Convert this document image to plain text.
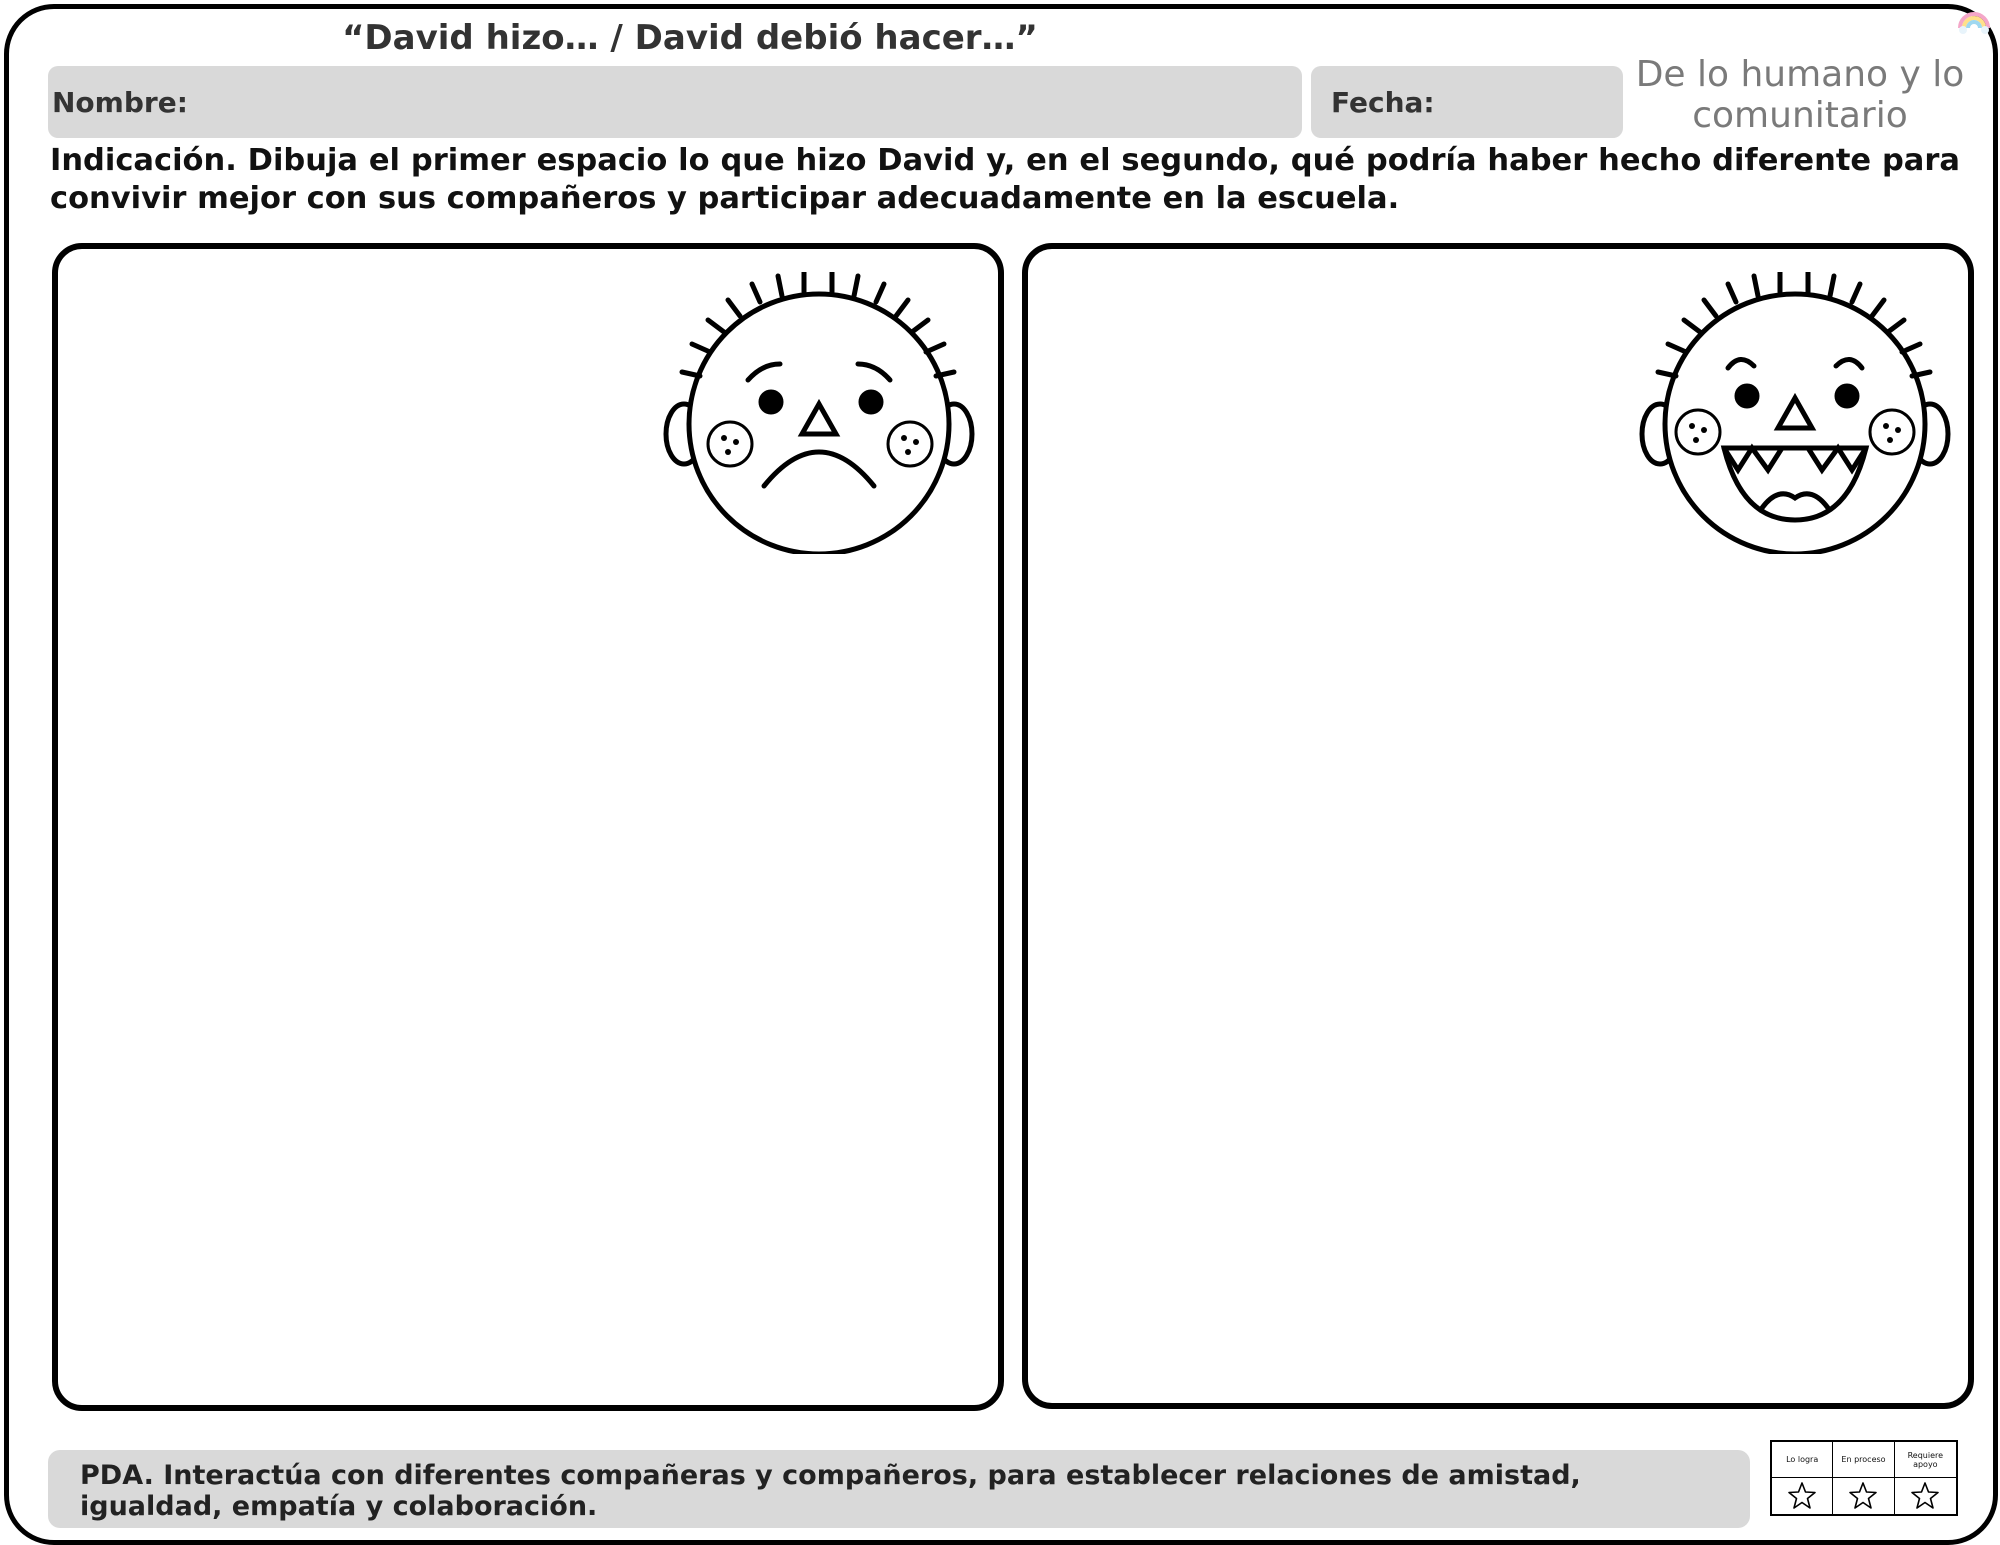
“David hizo… / David debió hacer…”
Nombre:	Fecha:
De lo humano y lo comunitario
Indicación. Dibuja el primer espacio lo que hizo David y, en el segundo, qué podría haber hecho diferente para convivir mejor con sus compañeros y participar adecuadamente en la escuela.
PDA. Interactúa con diferentes compañeras y compañeros, para establecer relaciones de amistad, igualdad, empatía y colaboración.
Lo logra	En proceso	Requiere apoyo
